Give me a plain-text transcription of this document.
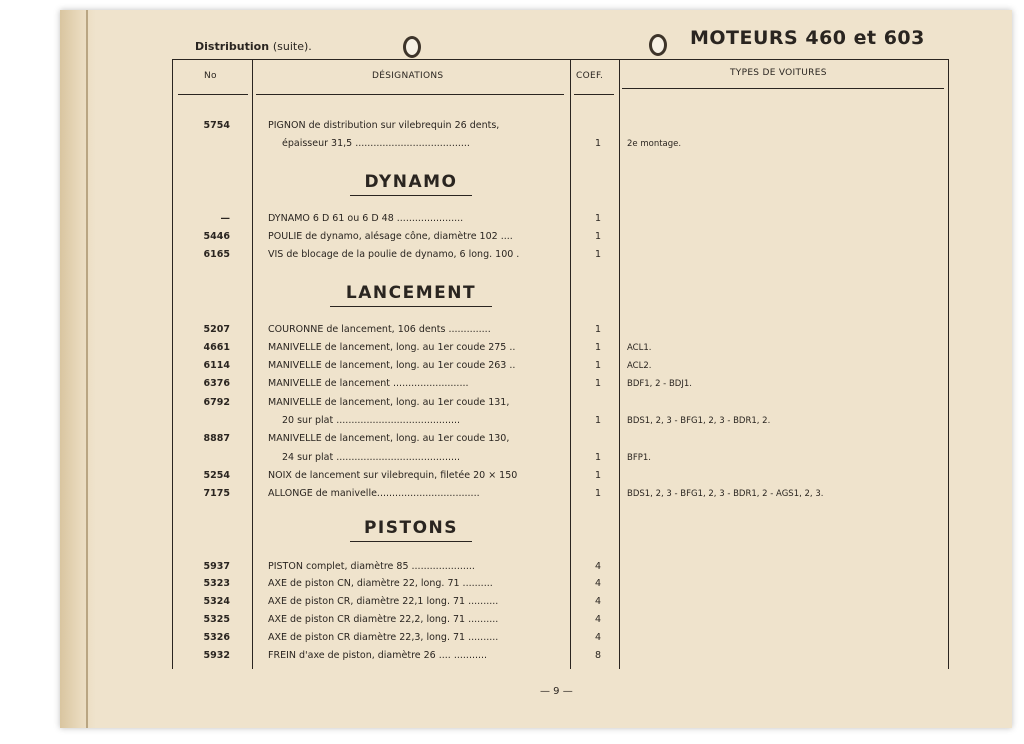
Distribution (suite).	MOTEURS 460 et 603
No	DÉSIGNATIONS	COEF.	TYPES DE VOITURES
DYNAMO
LANCEMENT
PISTONS
5754	PIGNON de distribution sur vilebrequin 26 dents,
épaisseur 31,5 ......................................	1	2e montage.
—	DYNAMO 6 D 61 ou 6 D 48 ......................	1
5446	POULIE de dynamo, alésage cône, diamètre 102 ....	1
6165	VIS de blocage de la poulie de dynamo, 6 long. 100 .	1
5207	COURONNE de lancement, 106 dents ..............	1
4661	MANIVELLE de lancement, long. au 1er coude 275 ..	1	ACL1.
6114	MANIVELLE de lancement, long. au 1er coude 263 ..	1	ACL2.
6376	MANIVELLE de lancement .........................	1	BDF1, 2 - BDJ1.
6792	MANIVELLE de lancement, long. au 1er coude 131,
20 sur plat .........................................	1	BDS1, 2, 3 - BFG1, 2, 3 - BDR1, 2.
8887	MANIVELLE de lancement, long. au 1er coude 130,
24 sur plat .........................................	1	BFP1.
5254	NOIX de lancement sur vilebrequin, filetée 20 × 150	1
7175	ALLONGE de manivelle..................................	1	BDS1, 2, 3 - BFG1, 2, 3 - BDR1, 2 - AGS1, 2, 3.
5937	PISTON complet, diamètre 85 .....................	4
5323	AXE de piston CN, diamètre 22, long. 71 ..........	4
5324	AXE de piston CR, diamètre 22,1 long. 71 ..........	4
5325	AXE de piston CR diamètre 22,2, long. 71 ..........	4
5326	AXE de piston CR diamètre 22,3, long. 71 ..........	4
5932	FREIN d'axe de piston, diamètre 26 .... ...........	8
— 9 —
